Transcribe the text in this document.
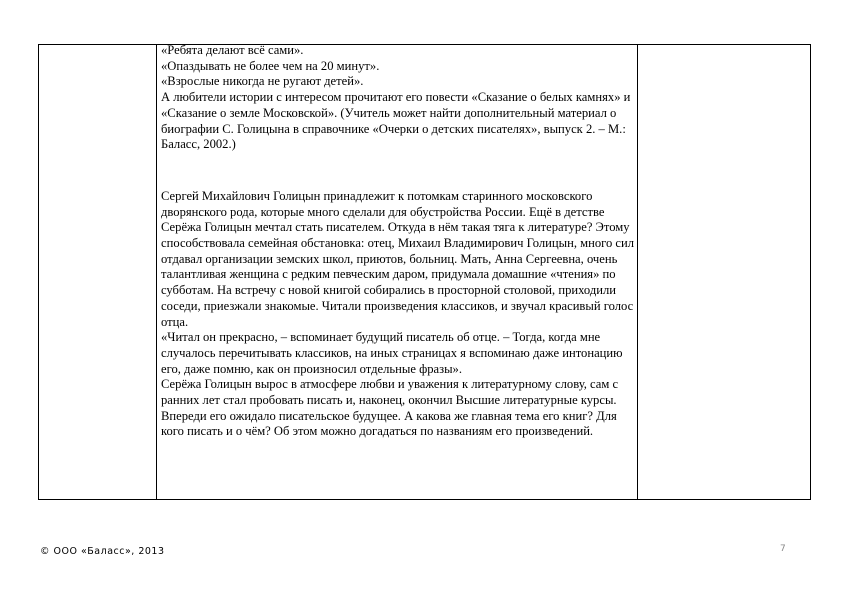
«Ребята делают всё сами».

«Опаздывать не более чем на 20 минут».

«Взрослые никогда не ругают детей».

А любители истории с интересом прочитают его повести «Сказание о белых камнях» и «Сказание о земле Московской». (Учитель может найти дополнительный материал о биографии С. Голицына в справочнике «Очерки о детских писателях», выпуск 2. – М.: Баласс, 2002.)

Сергей Михайлович Голицын принадлежит к потомкам старинного московского дворянского рода, которые много сделали для обустройства России. Ещё в детстве Серёжа Голицын мечтал стать писателем. Откуда в нём такая тяга к литературе? Этому способствовала семейная обстановка: отец, Михаил Владимирович Голицын, много сил отдавал организации земских школ, приютов, больниц. Мать, Анна Сергеевна, очень талантливая женщина с редким певческим даром, придумала домашние «чтения» по субботам. На встречу с новой книгой собирались в просторной столовой, приходили соседи, приезжали знакомые. Читали произведения классиков, и звучал красивый голос отца.

«Читал он прекрасно, – вспоминает будущий писатель об отце. – Тогда, когда мне случалось перечитывать классиков, на иных страницах я вспоминаю даже интонацию его, даже помню, как он произносил отдельные фразы».

Серёжа Голицын вырос в атмосфере любви и уважения к литературному слову, сам с ранних лет стал пробовать писать и, наконец, окончил Высшие литературные курсы. Впереди его ожидало писательское будущее. А какова же главная тема его книг? Для кого писать и о чём? Об этом можно догадаться по названиям его произведений.

© ООО «Баласс», 2013	7
